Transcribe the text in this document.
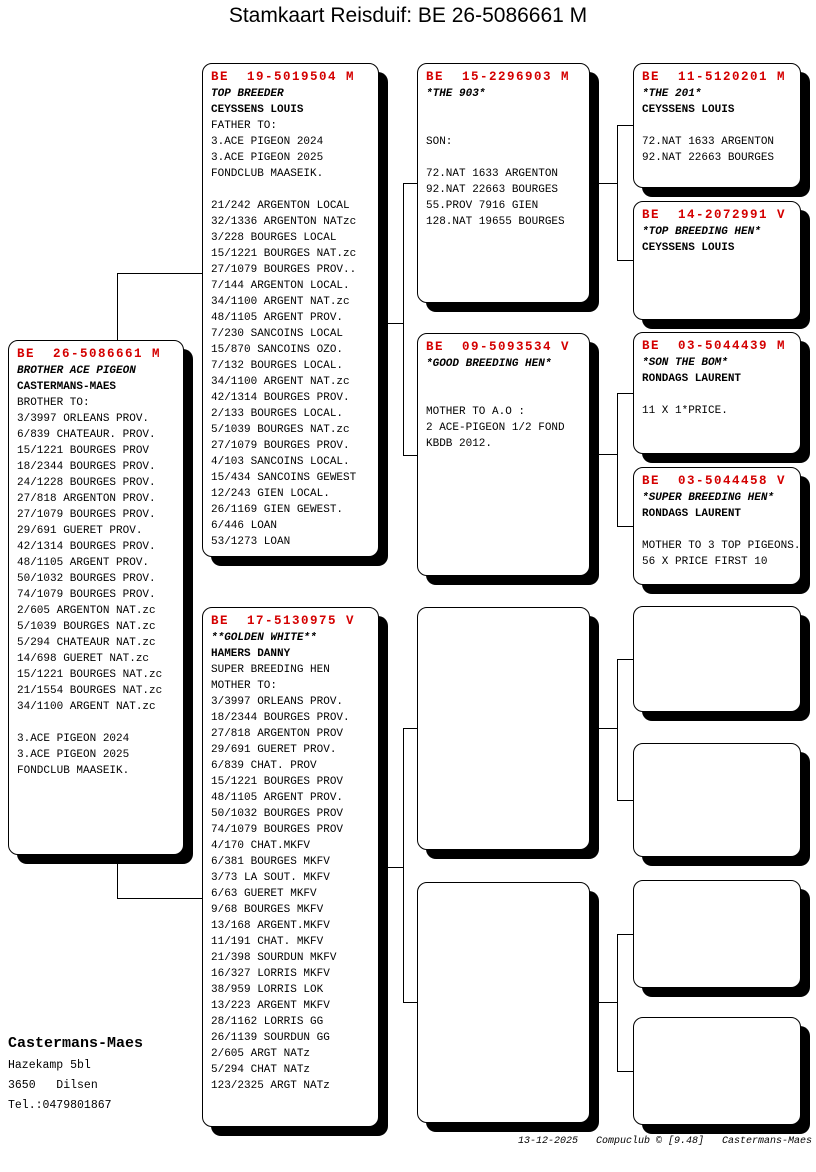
Stamkaart Reisduif: BE 26-5086661 M
BE  26-5086661 M
BROTHER ACE PIGEON
CASTERMANS-MAES
BROTHER TO:
3/3997 ORLEANS PROV.
6/839 CHATEAUR. PROV.
15/1221 BOURGES PROV
18/2344 BOURGES PROV.
24/1228 BOURGES PROV.
27/818 ARGENTON PROV.
27/1079 BOURGES PROV.
29/691 GUERET PROV.
42/1314 BOURGES PROV.
48/1105 ARGENT PROV.
50/1032 BOURGES PROV.
74/1079 BOURGES PROV.
2/605 ARGENTON NAT.zc
5/1039 BOURGES NAT.zc
5/294 CHATEAUR NAT.zc
14/698 GUERET NAT.zc
15/1221 BOURGES NAT.zc
21/1554 BOURGES NAT.zc
34/1100 ARGENT NAT.zc

3.ACE PIGEON 2024
3.ACE PIGEON 2025
FONDCLUB MAASEIK.
BE  19-5019504 M
TOP BREEDER
CEYSSENS LOUIS
FATHER TO:
3.ACE PIGEON 2024
3.ACE PIGEON 2025
FONDCLUB MAASEIK.

21/242 ARGENTON LOCAL
32/1336 ARGENTON NATzc
3/228 BOURGES LOCAL
15/1221 BOURGES NAT.zc
27/1079 BOURGES PROV..
7/144 ARGENTON LOCAL.
34/1100 ARGENT NAT.zc
48/1105 ARGENT PROV.
7/230 SANCOINS LOCAL
15/870 SANCOINS OZO.
7/132 BOURGES LOCAL.
34/1100 ARGENT NAT.zc
42/1314 BOURGES PROV.
2/133 BOURGES LOCAL.
5/1039 BOURGES NAT.zc
27/1079 BOURGES PROV.
4/103 SANCOINS LOCAL.
15/434 SANCOINS GEWEST
12/243 GIEN LOCAL.
26/1169 GIEN GEWEST.
6/446 LOAN
53/1273 LOAN
BE  17-5130975 V
**GOLDEN WHITE**
HAMERS DANNY
SUPER BREEDING HEN
MOTHER TO:
3/3997 ORLEANS PROV.
18/2344 BOURGES PROV.
27/818 ARGENTON PROV
29/691 GUERET PROV.
6/839 CHAT. PROV
15/1221 BOURGES PROV
48/1105 ARGENT PROV.
50/1032 BOURGES PROV
74/1079 BOURGES PROV
4/170 CHAT.MKFV
6/381 BOURGES MKFV
3/73 LA SOUT. MKFV
6/63 GUERET MKFV
9/68 BOURGES MKFV
13/168 ARGENT.MKFV
11/191 CHAT. MKFV
21/398 SOURDUN MKFV
16/327 LORRIS MKFV
38/959 LORRIS LOK
13/223 ARGENT MKFV
28/1162 LORRIS GG
26/1139 SOURDUN GG
2/605 ARGT NATz
5/294 CHAT NATz
123/2325 ARGT NATz
BE  15-2296903 M
*THE 903*

SON:

72.NAT 1633 ARGENTON
92.NAT 22663 BOURGES
55.PROV 7916 GIEN
128.NAT 19655 BOURGES
BE  09-5093534 V
*GOOD BREEDING HEN*

MOTHER TO A.O :
2 ACE-PIGEON 1/2 FOND
KBDB 2012.
BE  11-5120201 M
*THE 201*
CEYSSENS LOUIS

72.NAT 1633 ARGENTON
92.NAT 22663 BOURGES
BE  14-2072991 V
*TOP BREEDING HEN*
CEYSSENS LOUIS
BE  03-5044439 M
*SON THE BOM*
RONDAGS LAURENT

11 X 1*PRICE.
BE  03-5044458 V
*SUPER BREEDING HEN*
RONDAGS LAURENT

MOTHER TO 3 TOP PIGEONS.
56 X PRICE FIRST 10
Castermans-Maes
Hazekamp 5bl
3650   Dilsen
Tel.:0479801867
13-12-2025   Compuclub © [9.48]   Castermans-Maes
